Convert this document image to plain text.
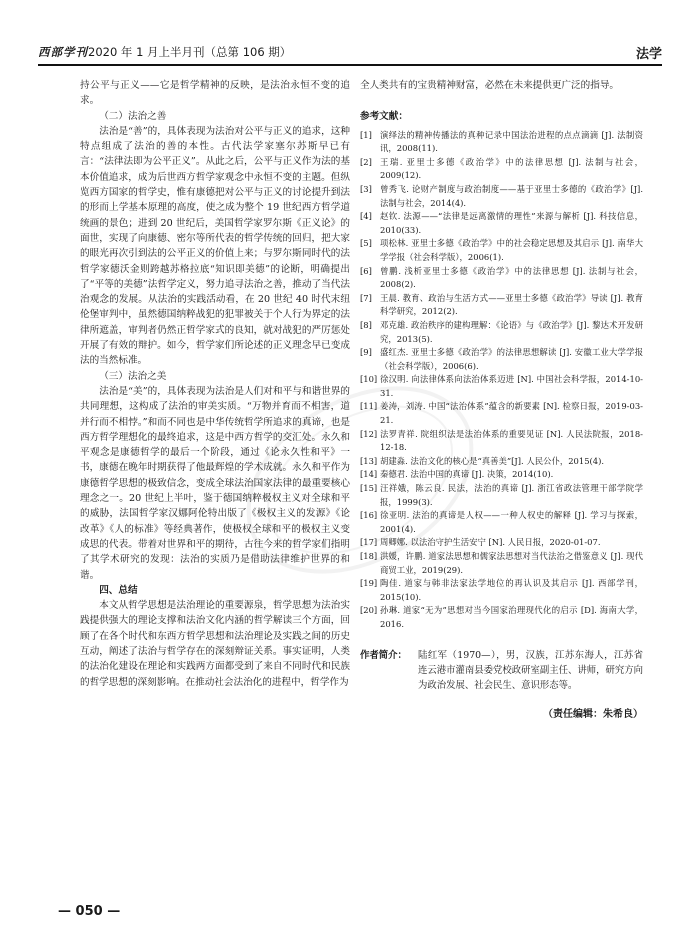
西部学刊2020 年 1 月上半月刊（总第 106 期）	法学

持公平与正义——它是哲学精神的反映，是法治永恒不变的追求。

（二）法治之善

法治是“善”的，具体表现为法治对公平与正义的追求，这种特点组成了法治的善的本性。古代法学家塞尔苏斯早已有言：“法律法即为公平正义”。从此之后，公平与正义作为法的基本价值追求，成为后世西方哲学家观念中永恒不变的主题。但纵览西方国家的哲学史，惟有康德把对公平与正义的讨论提升到法的形而上学基本原理的高度，使之成为整个 19 世纪西方哲学道统画的景色；进到 20 世纪后，美国哲学家罗尔斯《正义论》的面世，实现了向康德、密尔等所代表的哲学传统的回归，把大家的眼光再次引到法的公平正义的价值上来；与罗尔斯同时代的法哲学家德沃金则跨越苏格拉底“知识即美德”的论断，明确提出了“平等的美德”法哲学定义，努力追寻法治之善，推动了当代法治观念的发展。从法治的实践活动看，在 20 世纪 40 时代末纽伦堡审判中，虽然德国纳粹战犯的犯罪被关于个人行为界定的法律所遮盖，审判者仍然正哲学家式的良知，就对战犯的严厉惩处开展了有效的辩护。如今，哲学家们所论述的正义理念早已变成法的当然标准。

（三）法治之美

法治是“美”的，具体表现为法治是人们对和平与和谐世界的共同理想，这构成了法治的审美实质。“万物并育而不相害，道并行而不相悖。”和而不同也是中华传统哲学所追求的真谛，也是西方哲学理想化的最终追求，这是中西方哲学的交汇处。永久和平观念是康德哲学的最后一个阶段，通过《论永久性和平》一书，康德在晚年时期获得了他最辉煌的学术成就。永久和平作为康德哲学思想的极致信念，变成全球法治国家法律的最重要核心理念之一。20 世纪上半叶，鉴于德国纳粹极权主义对全球和平的威胁，法国哲学家汉娜阿伦特出版了《极权主义的发源》《论改革》《人的标准》等经典著作，使极权全球和平的极权主义变成思的代表。带着对世界和平的期待，古往今来的哲学家们指明了其学术研究的发现：法治的实质乃是借助法律维护世界的和谐。

四、总结

本文从哲学思想是法治理论的重要源泉，哲学思想为法治实践提供强大的理论支撑和法治文化内涵的哲学解读三个方面，回顾了在各个时代和东西方哲学思想和法治理论及实践之间的历史互动，阐述了法治与哲学存在的深刻辩证关系。事实证明，人类的法治化建设在理论和实践两方面都受到了来自不同时代和民族的哲学思想的深刻影响。在推动社会法治化的进程中，哲学作为

全人类共有的宝贵精神财富，必然在未来提供更广泛的指导。

参考文献：
[1] 演绎法的精神传播法的真种记录中国法治进程的点点滴滴 [J]. 法制资讯，2008(11).
[2] 王瑞. 亚里士多德《政治学》中的法律思想 [J]. 法制与社会，2009(12).
[3] 曾秀飞. 论财产制度与政治制度——基于亚里士多德的《政治学》[J]. 法制与社会，2014(4).
[4] 赵钦. 法源——“法律是远离激情的理性”来源与解析 [J]. 科技信息，2010(33).
[5] 项松林. 亚里士多德《政治学》中的社会稳定思想及其启示 [J]. 南华大学学报（社会科学版），2006(1).
[6] 曾鹏. 浅析亚里士多德《政治学》中的法律思想 [J]. 法制与社会，2008(2).
[7] 王晨. 教育、政治与生活方式——亚里士多德《政治学》导读 [J]. 教育科学研究，2012(2).
[8] 邓克雄. 政治秩序的建构理解：《论语》与《政治学》[J]. 黎达术开发研究，2013(5).
[9] 盛红杰. 亚里士多德《政治学》的法律思想解读 [J]. 安徽工业大学学报（社会科学版），2006(6).
[10] 徐汉明. 向法律体系向法治体系迈进 [N]. 中国社会科学报，2014-10-31.
[11] 姜涛，刘涛. 中国“法治体系”蕴含的新要素 [N]. 检察日报，2019-03-21.
[12] 法罗青祥. 院组织法是法治体系的重要见证 [N]. 人民法院报，2018-12-18.
[13] 胡建淼. 法治文化的核心是“真善美”[J]. 人民公仆，2015(4).
[14] 秦德君. 法治中国的真谛 [J]. 决策，2014(10).
[15] 汪祥娥，陈云良. 民法，法治的真谛 [J]. 浙江省政法管理干部学院学报，1999(3).
[16] 徐亚明. 法治的真谛是人权——一种人权史的解释 [J]. 学习与探索，2001(4).
[17] 周卿娜. 以法治守护生活安宁 [N]. 人民日报，2020-01-07.
[18] 洪媛，许鹏. 道家法思想和儒家法思想对当代法治之借鉴意义 [J]. 现代商贸工业，2019(29).
[19] 陶佳. 道家与韩非法家法学地位的再认识及其启示 [J]. 西部学刊，2015(10).
[20] 孙琳. 道家“无为”思想对当今国家治理现代化的启示 [D]. 海南大学，2016.
作者简介：	陆红军（1970—），男，汉族，江苏东海人，江苏省连云港市灌南县委党校政研室副主任、讲师，研究方向为政治发展、社会民生、意识形态等。
（责任编辑：朱希良）
— 050 —
